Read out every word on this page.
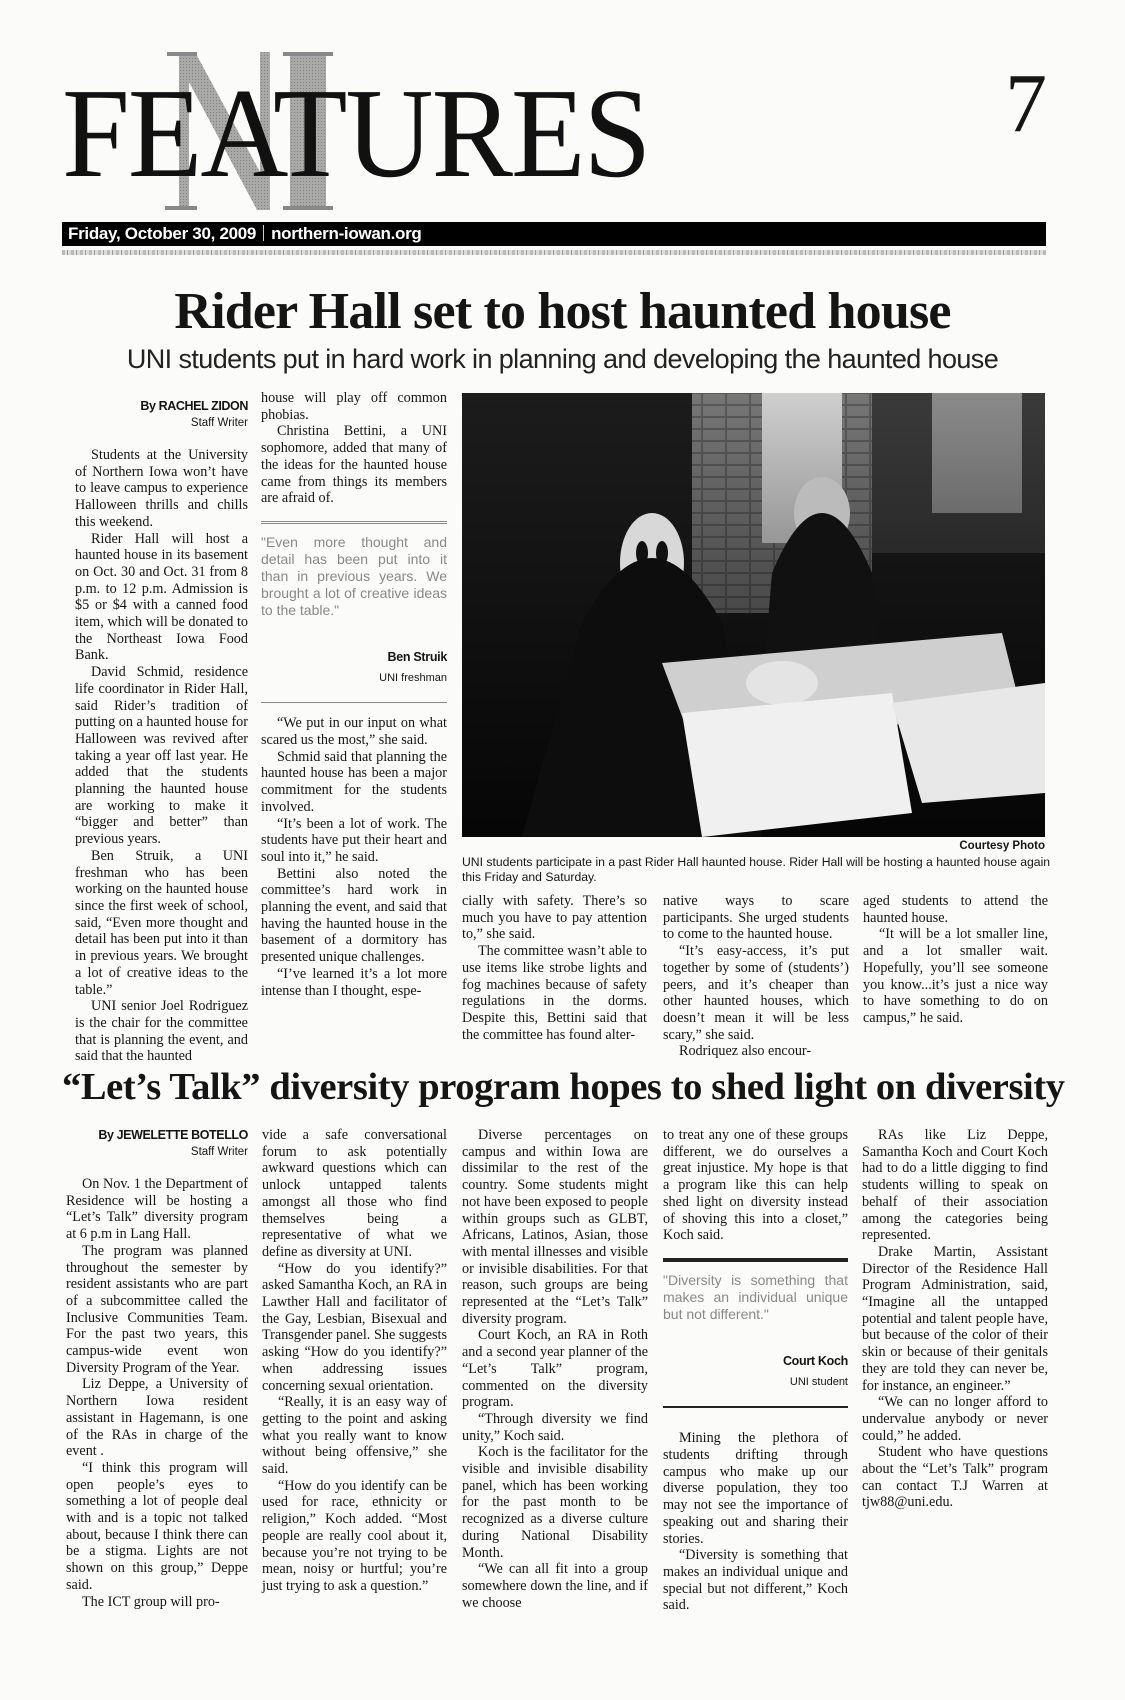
FEATURES	7
Friday, October 30, 2009 northern-iowan.org
Rider Hall set to host haunted house
UNI students put in hard work in planning and developing the haunted house
By RACHEL ZIDON
Staff Writer

Students at the University of Northern Iowa won’t have to leave campus to experience Halloween thrills and chills this weekend.

Rider Hall will host a haunted house in its basement on Oct. 30 and Oct. 31 from 8 p.m. to 12 p.m. Admission is $5 or $4 with a canned food item, which will be donated to the Northeast Iowa Food Bank.

David Schmid, residence life coordinator in Rider Hall, said Rider’s tradition of putting on a haunted house for Halloween was revived after taking a year off last year. He added that the students planning the haunted house are working to make it “bigger and better” than previous years.

Ben Struik, a UNI freshman who has been working on the haunted house since the first week of school, said, “Even more thought and detail has been put into it than in previous years. We brought a lot of creative ideas to the table.”

UNI senior Joel Rodriguez is the chair for the committee that is planning the event, and said that the haunted

house will play off common phobias.

Christina Bettini, a UNI sophomore, added that many of the ideas for the haunted house came from things its members are afraid of.

"Even more thought and detail has been put into it than in previous years. We brought a lot of creative ideas to the table."
Ben Struik
UNI freshman

“We put in our input on what scared us the most,” she said.

Schmid said that planning the haunted house has been a major commitment for the students involved.

“It’s been a lot of work. The students have put their heart and soul into it,” he said.

Bettini also noted the committee’s hard work in planning the event, and said that having the haunted house in the basement of a dormitory has presented unique challenges.

“I’ve learned it’s a lot more intense than I thought, espe-

Courtesy Photo
UNI students participate in a past Rider Hall haunted house. Rider Hall will be hosting a haunted house again this Friday and Saturday.

cially with safety. There’s so much you have to pay attention to,” she said.

The committee wasn’t able to use items like strobe lights and fog machines because of safety regulations in the dorms. Despite this, Bettini said that the committee has found alter-

native ways to scare participants. She urged students to come to the haunted house.

“It’s easy-access, it’s put together by some of (students’) peers, and it’s cheaper than other haunted houses, which doesn’t mean it will be less scary,” she said.

Rodriquez also encour-

aged students to attend the haunted house.

“It will be a lot smaller line, and a lot smaller wait. Hopefully, you’ll see someone you know...it’s just a nice way to have something to do on campus,” he said.

“Let’s Talk” diversity program hopes to shed light on diversity
By JEWELETTE BOTELLO
Staff Writer

On Nov. 1 the Department of Residence will be hosting a “Let’s Talk” diversity program at 6 p.m in Lang Hall.

The program was planned throughout the semester by resident assistants who are part of a subcommittee called the Inclusive Communities Team. For the past two years, this campus-wide event won Diversity Program of the Year.

Liz Deppe, a University of Northern Iowa resident assistant in Hagemann, is one of the RAs in charge of the event .

“I think this program will open people’s eyes to something a lot of people deal with and is a topic not talked about, because I think there can be a stigma. Lights are not shown on this group,” Deppe said.

The ICT group will pro-

vide a safe conversational forum to ask potentially awkward questions which can unlock untapped talents amongst all those who find themselves being a representative of what we define as diversity at UNI.

“How do you identify?” asked Samantha Koch, an RA in Lawther Hall and facilitator of the Gay, Lesbian, Bisexual and Transgender panel. She suggests asking “How do you identify?” when addressing issues concerning sexual orientation.

“Really, it is an easy way of getting to the point and asking what you really want to know without being offensive,” she said.

“How do you identify can be used for race, ethnicity or religion,” Koch added. “Most people are really cool about it, because you’re not trying to be mean, noisy or hurtful; you’re just trying to ask a question.”

Diverse percentages on campus and within Iowa are dissimilar to the rest of the country. Some students might not have been exposed to people within groups such as GLBT, Africans, Latinos, Asian, those with mental illnesses and visible or invisible disabilities. For that reason, such groups are being represented at the “Let’s Talk” diversity program.

Court Koch, an RA in Roth and a second year planner of the “Let’s Talk” program, commented on the diversity program.

“Through diversity we find unity,” Koch said.

Koch is the facilitator for the visible and invisible disability panel, which has been working for the past month to be recognized as a diverse culture during National Disability Month.

“We can all fit into a group somewhere down the line, and if we choose

to treat any one of these groups different, we do ourselves a great injustice. My hope is that a program like this can help shed light on diversity instead of shoving this into a closet,” Koch said.

"Diversity is something that makes an individual unique but not different."
Court Koch
UNI student

Mining the plethora of students drifting through campus who make up our diverse population, they too may not see the importance of speaking out and sharing their stories.

“Diversity is something that makes an individual unique and special but not different,” Koch said.

RAs like Liz Deppe, Samantha Koch and Court Koch had to do a little digging to find students willing to speak on behalf of their association among the categories being represented.

Drake Martin, Assistant Director of the Residence Hall Program Administration, said, “Imagine all the untapped potential and talent people have, but because of the color of their skin or because of their genitals they are told they can never be, for instance, an engineer.”

“We can no longer afford to undervalue anybody or never could,” he added.

Student who have questions about the “Let’s Talk” program can contact T.J Warren at tjw88@uni.edu.
